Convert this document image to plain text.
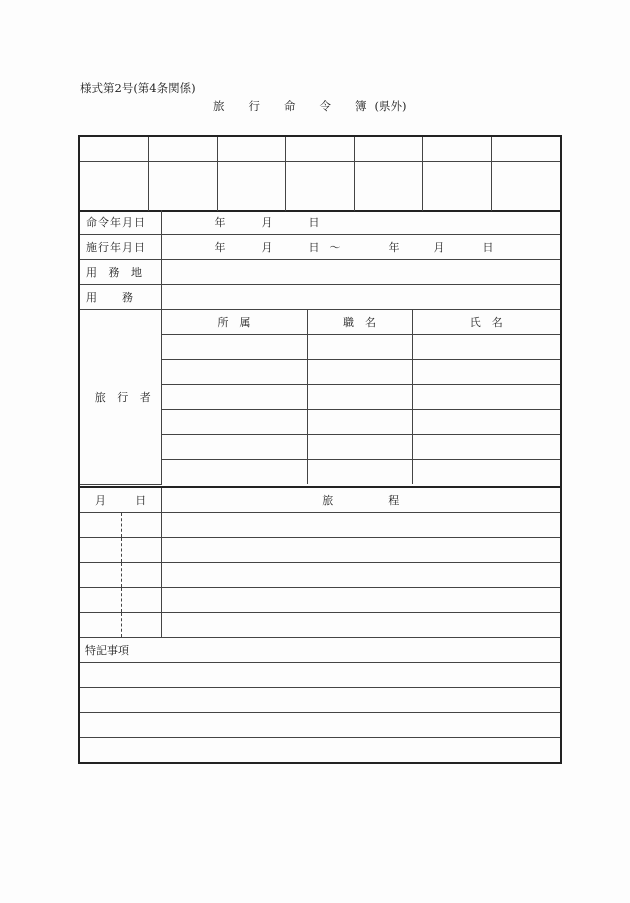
様式第2号(第4条関係)
旅 行 命 令 簿 (県外)

命令年月日	年 月 日		
施行年月日	年 月 日 ～ 年 月 日		
用 務 地			
用　　務			
旅 行 者	所　属	職　名	氏　名

月	日	旅　　　　　程

特記事項		
